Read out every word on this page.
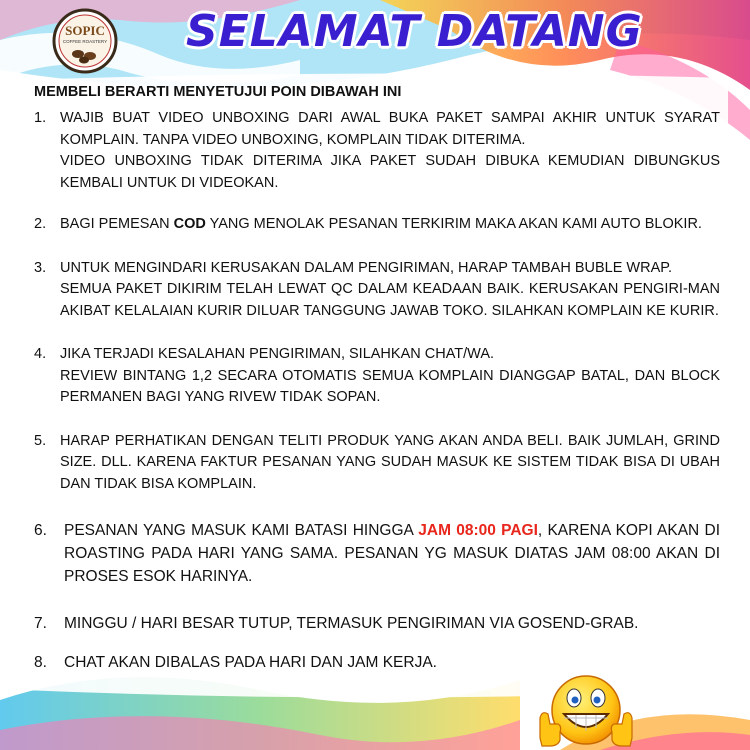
SOPIC
COFFEE ROASTERY SELAMAT DATANG
MEMBELI BERARTI MENYETUJUI POIN DIBAWAH INI
1. WAJIB BUAT VIDEO UNBOXING DARI AWAL BUKA PAKET SAMPAI AKHIR UNTUK SYARAT KOMPLAIN. TANPA VIDEO UNBOXING, KOMPLAIN TIDAK DITERIMA.
VIDEO UNBOXING TIDAK DITERIMA JIKA PAKET SUDAH DIBUKA KEMUDIAN DIBUNGKUS KEMBALI UNTUK DI VIDEOKAN.
2. BAGI PEMESAN COD YANG MENOLAK PESANAN TERKIRIM MAKA AKAN KAMI AUTO BLOKIR.
3. UNTUK MENGINDARI KERUSAKAN DALAM PENGIRIMAN, HARAP TAMBAH BUBLE WRAP.
SEMUA PAKET DIKIRIM TELAH LEWAT QC DALAM KEADAAN BAIK. KERUSAKAN PENGIRI-MAN AKIBAT KELALAIAN KURIR DILUAR TANGGUNG JAWAB TOKO. SILAHKAN KOMPLAIN KE KURIR.
4. JIKA TERJADI KESALAHAN PENGIRIMAN, SILAHKAN CHAT/WA.
REVIEW BINTANG 1,2 SECARA OTOMATIS SEMUA KOMPLAIN DIANGGAP BATAL, DAN BLOCK PERMANEN BAGI YANG RIVEW TIDAK SOPAN.
5. HARAP PERHATIKAN DENGAN TELITI PRODUK YANG AKAN ANDA BELI. BAIK JUMLAH, GRIND SIZE. DLL. KARENA FAKTUR PESANAN YANG SUDAH MASUK KE SISTEM TIDAK BISA DI UBAH DAN TIDAK BISA KOMPLAIN.
6. PESANAN YANG MASUK KAMI BATASI HINGGA JAM 08:00 PAGI, KARENA KOPI AKAN DI ROASTING PADA HARI YANG SAMA. PESANAN YG MASUK DIATAS JAM 08:00 AKAN DI PROSES ESOK HARINYA.
7. MINGGU / HARI BESAR TUTUP, TERMASUK PENGIRIMAN VIA GOSEND-GRAB.
8. CHAT AKAN DIBALAS PADA HARI DAN JAM KERJA.
